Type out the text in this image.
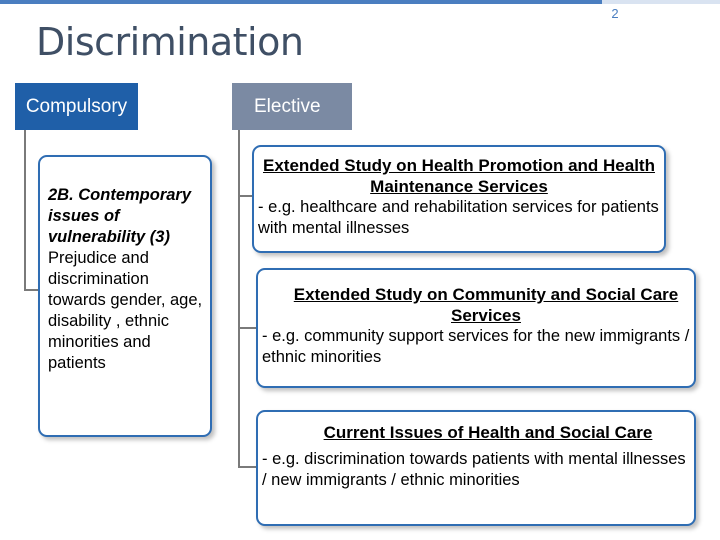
2
Discrimination
Compulsory	Elective
2B. Contemporary issues of vulnerability (3)
Prejudice and discrimination towards gender, age, disability , ethnic minorities and patients
Extended Study on Health Promotion and Health Maintenance Services
- e.g. healthcare and rehabilitation services for patients with mental illnesses
Extended Study on Community and Social Care Services
- e.g. community support services for the new immigrants / ethnic minorities
Current Issues of Health and Social Care
- e.g. discrimination towards patients with mental illnesses / new immigrants / ethnic minorities
